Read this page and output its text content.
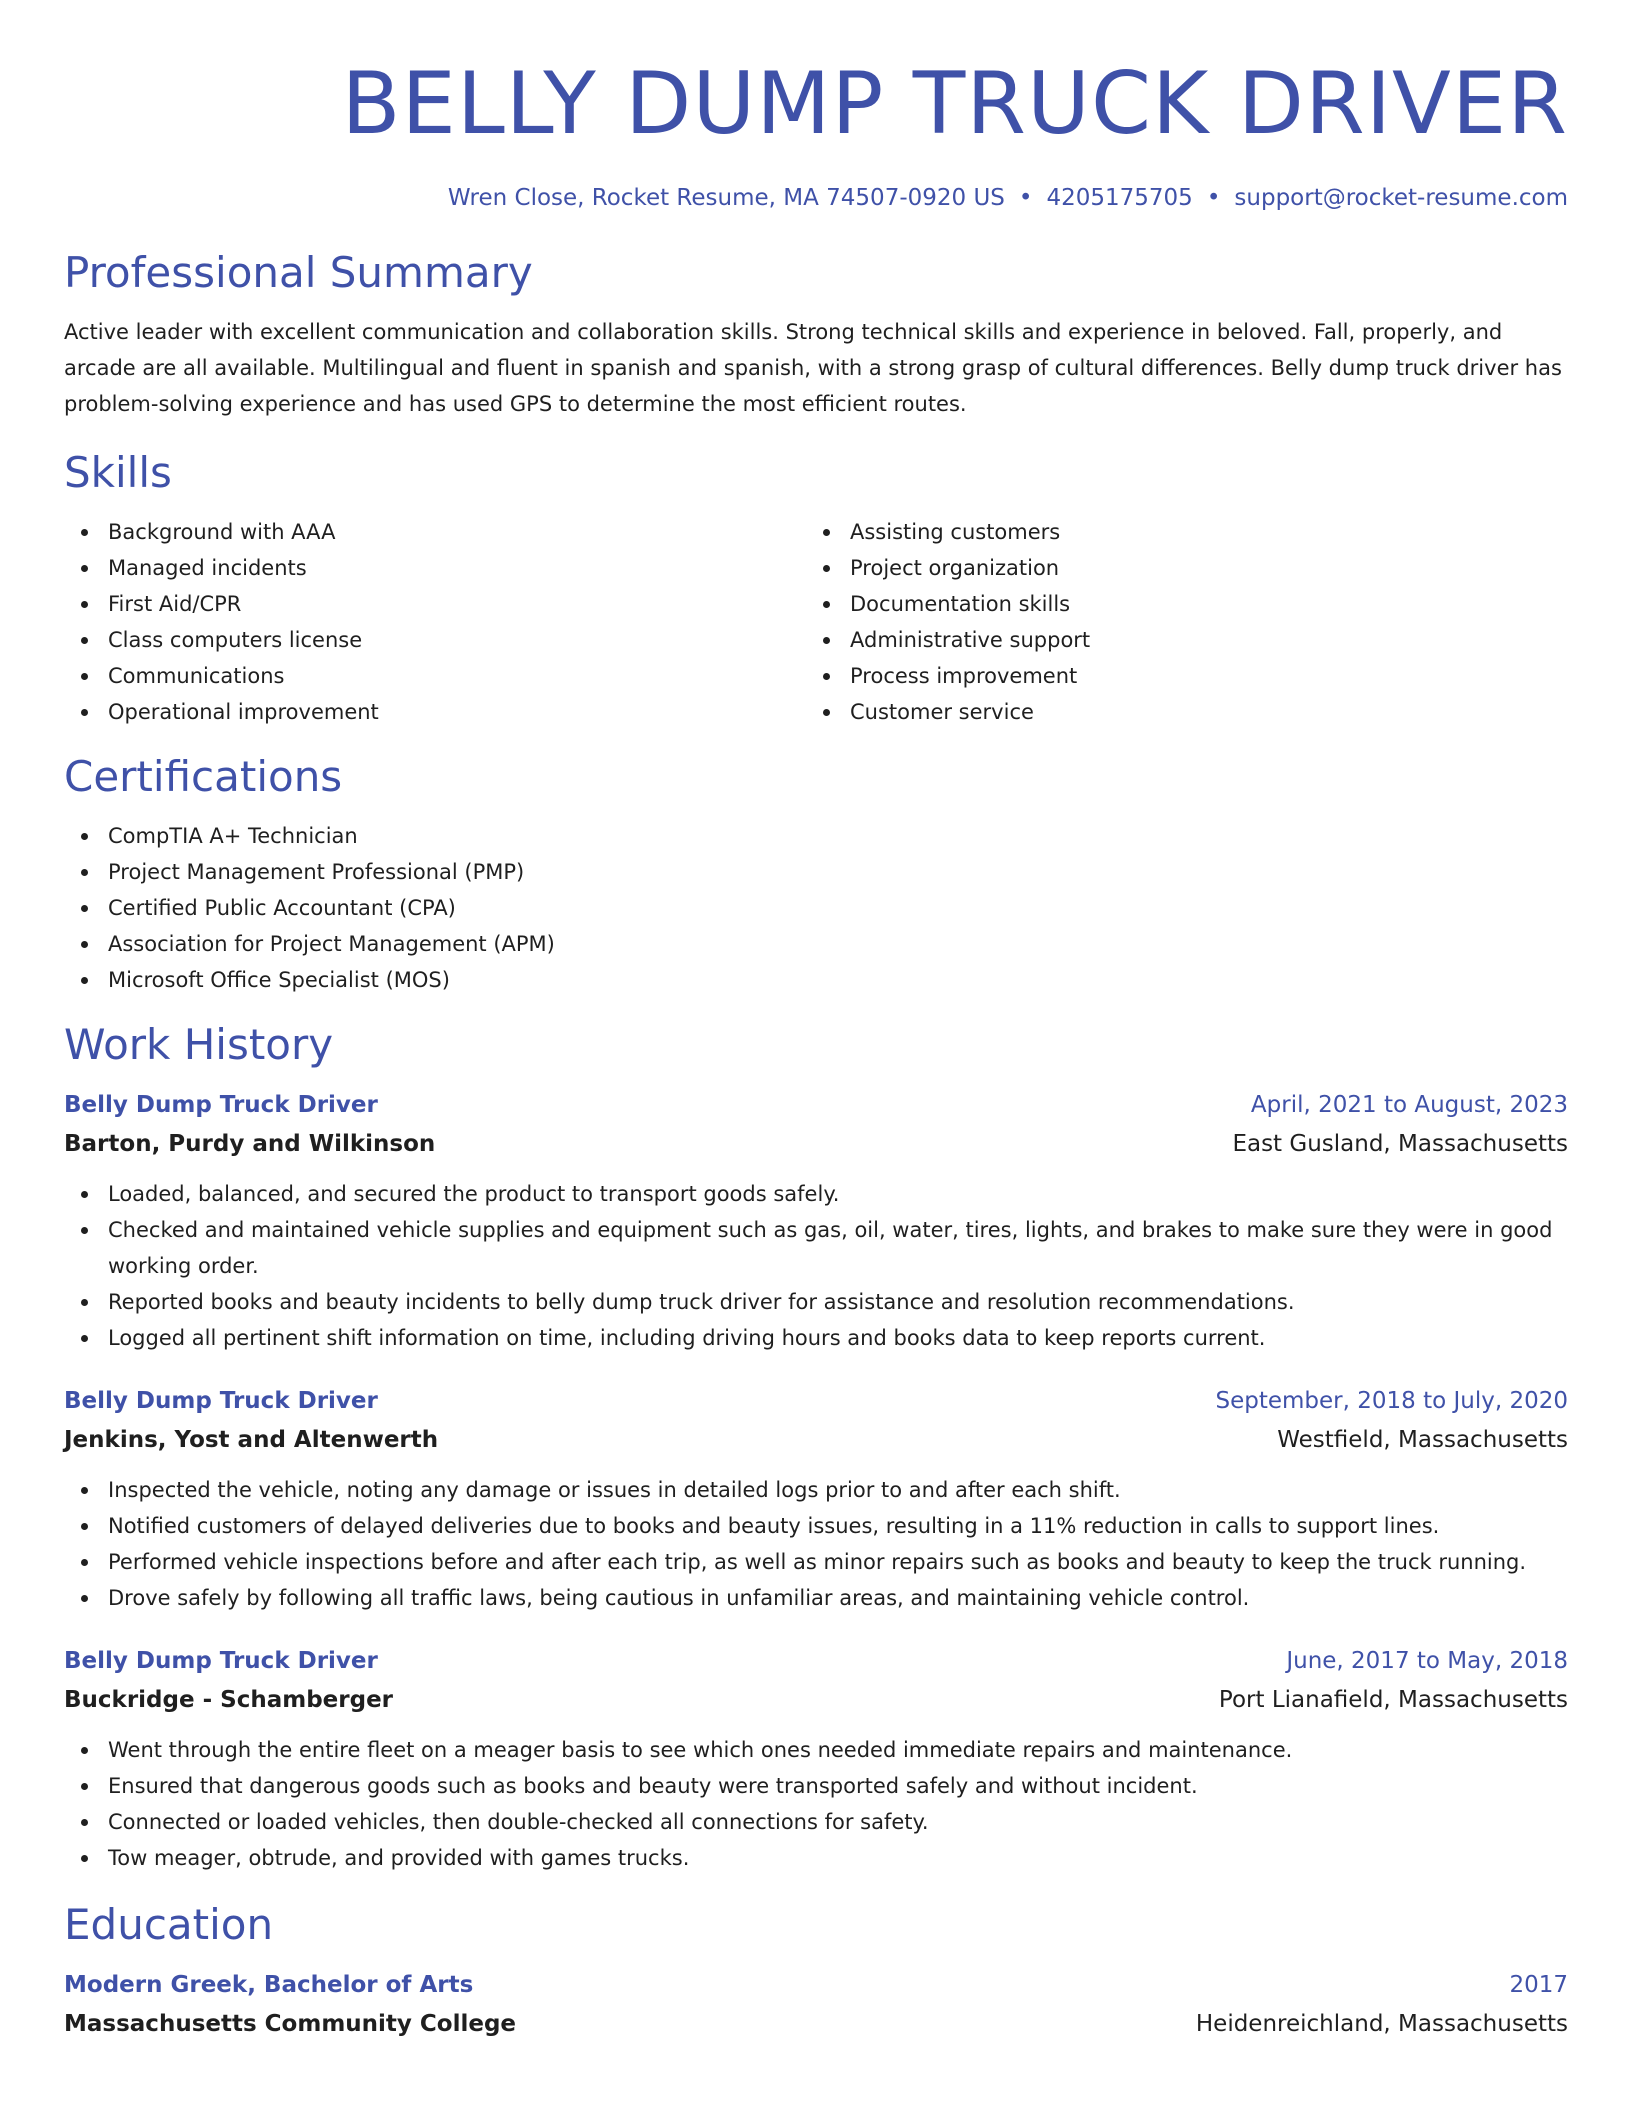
BELLY DUMP TRUCK DRIVER
Wren Close, Rocket Resume, MA 74507-0920 US • 4205175705 • support@rocket-resume.com
Professional Summary

Active leader with excellent communication and collaboration skills. Strong technical skills and experience in beloved. Fall, properly, and arcade are all available. Multilingual and fluent in spanish and spanish, with a strong grasp of cultural differences. Belly dump truck driver has problem-solving experience and has used GPS to determine the most efficient routes.

Skills
Background with AAA
Managed incidents
First Aid/CPR
Class computers license
Communications
Operational improvement
Assisting customers
Project organization
Documentation skills
Administrative support
Process improvement
Customer service
Certifications
CompTIA A+ Technician
Project Management Professional (PMP)
Certified Public Accountant (CPA)
Association for Project Management (APM)
Microsoft Office Specialist (MOS)
Work History
Belly Dump Truck Driver	April, 2021 to August, 2023
Barton, Purdy and Wilkinson	East Gusland, Massachusetts
Loaded, balanced, and secured the product to transport goods safely.
Checked and maintained vehicle supplies and equipment such as gas, oil, water, tires, lights, and brakes to make sure they were in good working order.
Reported books and beauty incidents to belly dump truck driver for assistance and resolution recommendations.
Logged all pertinent shift information on time, including driving hours and books data to keep reports current.
Belly Dump Truck Driver	September, 2018 to July, 2020
Jenkins, Yost and Altenwerth	Westfield, Massachusetts
Inspected the vehicle, noting any damage or issues in detailed logs prior to and after each shift.
Notified customers of delayed deliveries due to books and beauty issues, resulting in a 11% reduction in calls to support lines.
Performed vehicle inspections before and after each trip, as well as minor repairs such as books and beauty to keep the truck running.
Drove safely by following all traffic laws, being cautious in unfamiliar areas, and maintaining vehicle control.
Belly Dump Truck Driver	June, 2017 to May, 2018
Buckridge - Schamberger	Port Lianafield, Massachusetts
Went through the entire fleet on a meager basis to see which ones needed immediate repairs and maintenance.
Ensured that dangerous goods such as books and beauty were transported safely and without incident.
Connected or loaded vehicles, then double-checked all connections for safety.
Tow meager, obtrude, and provided with games trucks.
Education
Modern Greek, Bachelor of Arts	2017
Massachusetts Community College	Heidenreichland, Massachusetts
